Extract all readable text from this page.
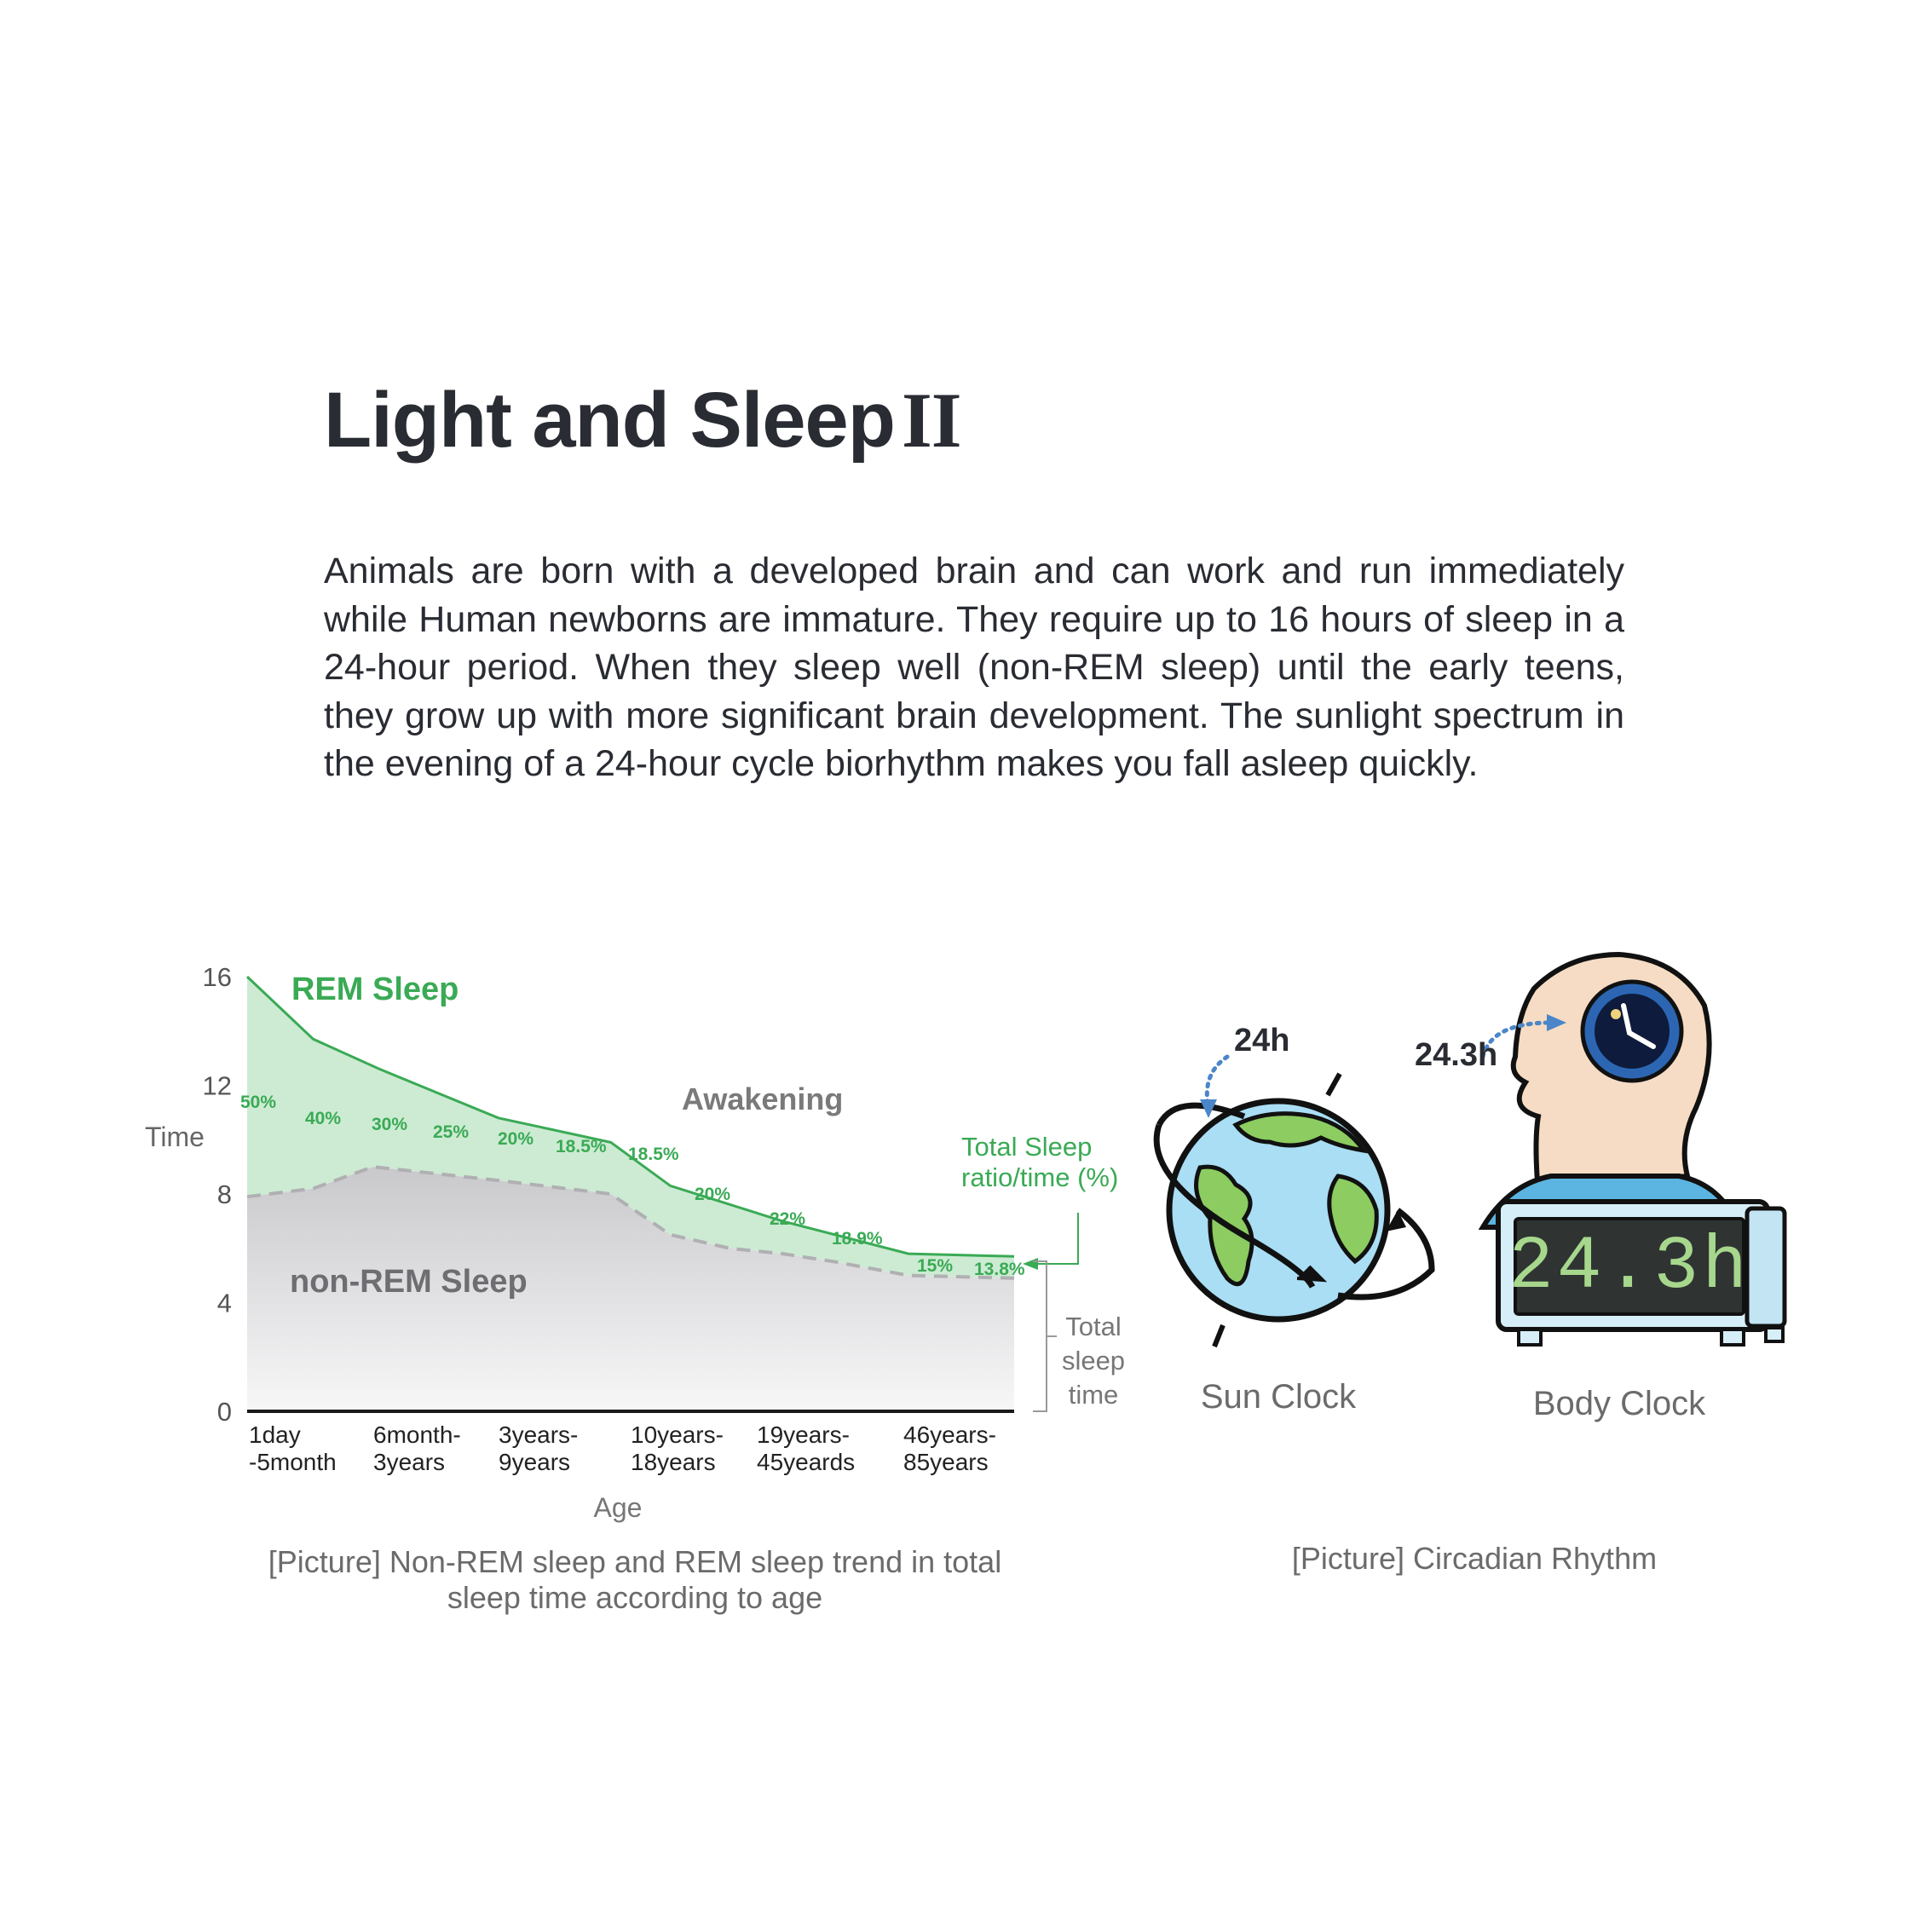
Light and SleepII

Animals are born with a developed brain and can work and run immediately while Human newborns are immature. They require up to 16 hours of sleep in a 24-hour period. When they sleep well (non-REM sleep) until the early teens, they grow up with more significant brain development. The sunlight spectrum in the evening of a 24-hour cycle biorhythm makes you fall asleep quickly.

0
4
8
12
16
Time
1day
-5month
6month-
3years
3years-
9years
10years-
18years
19years-
45yeards
46years-
85years
Age
REM Sleep
Awakening
non-REM Sleep
50%
40% 30% 25% 20% 18.5% 18.5%
20%
22%
18.9%
15% 13.8%
Total Sleep
ratio/time (%)
Total
sleep
time

[Picture] Non-REM sleep and REM sleep trend in total
sleep time according to age

24h	24.3h
24.3h
Sun Clock	Body Clock

[Picture] Circadian Rhythm
